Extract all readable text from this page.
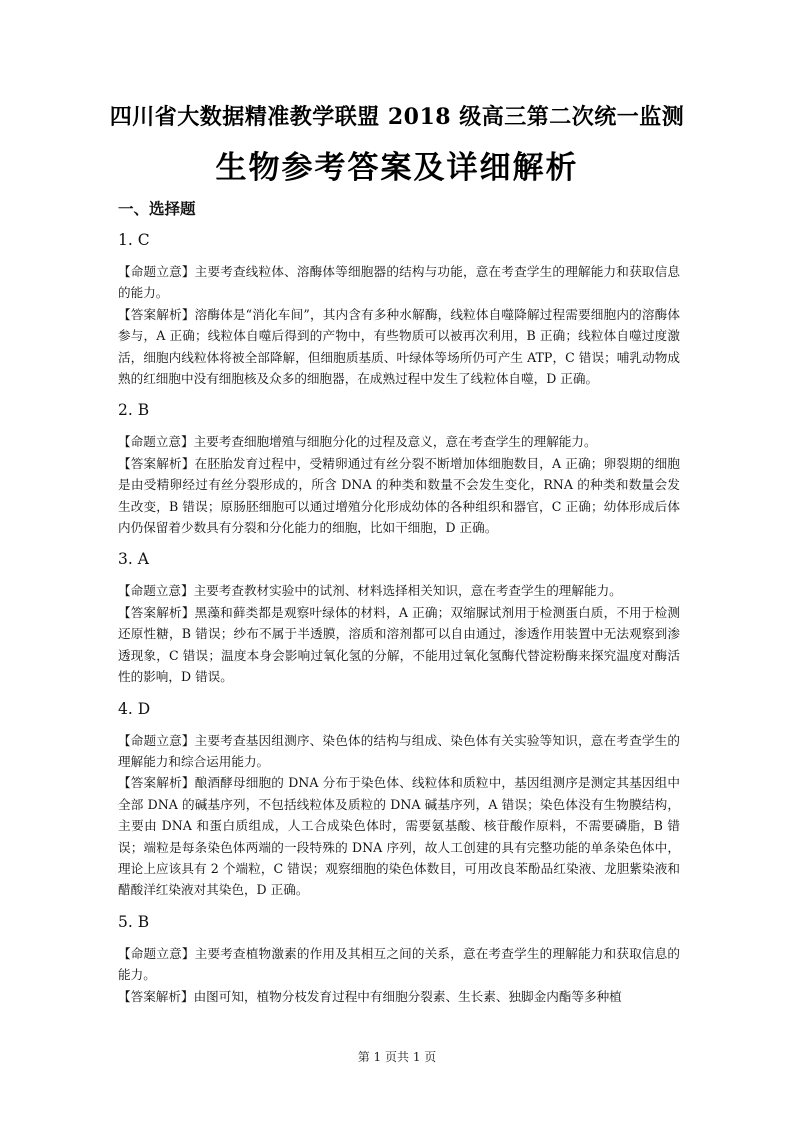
四川省大数据精准教学联盟 2018 级高三第二次统一监测
生物参考答案及详细解析
一、选择题
1. C

【命题立意】主要考查线粒体、溶酶体等细胞器的结构与功能，意在考查学生的理解能力和获取信息的能力。

【答案解析】溶酶体是“消化车间”，其内含有多种水解酶，线粒体自噬降解过程需要细胞内的溶酶体参与，A 正确；线粒体自噬后得到的产物中，有些物质可以被再次利用，B 正确；线粒体自噬过度激活，细胞内线粒体将被全部降解，但细胞质基质、叶绿体等场所仍可产生 ATP，C 错误；哺乳动物成熟的红细胞中没有细胞核及众多的细胞器，在成熟过程中发生了线粒体自噬，D 正确。

2. B

【命题立意】主要考查细胞增殖与细胞分化的过程及意义，意在考查学生的理解能力。

【答案解析】在胚胎发育过程中，受精卵通过有丝分裂不断增加体细胞数目，A 正确；卵裂期的细胞是由受精卵经过有丝分裂形成的，所含 DNA 的种类和数量不会发生变化，RNA 的种类和数量会发生改变，B 错误；原肠胚细胞可以通过增殖分化形成幼体的各种组织和器官，C 正确；幼体形成后体内仍保留着少数具有分裂和分化能力的细胞，比如干细胞，D 正确。

3. A

【命题立意】主要考查教材实验中的试剂、材料选择相关知识，意在考查学生的理解能力。

【答案解析】黑藻和藓类都是观察叶绿体的材料，A 正确；双缩脲试剂用于检测蛋白质，不用于检测还原性糖，B 错误；纱布不属于半透膜，溶质和溶剂都可以自由通过，渗透作用装置中无法观察到渗透现象，C 错误；温度本身会影响过氧化氢的分解，不能用过氧化氢酶代替淀粉酶来探究温度对酶活性的影响，D 错误。

4. D

【命题立意】主要考查基因组测序、染色体的结构与组成、染色体有关实验等知识，意在考查学生的理解能力和综合运用能力。

【答案解析】酿酒酵母细胞的 DNA 分布于染色体、线粒体和质粒中，基因组测序是测定其基因组中全部 DNA 的碱基序列，不包括线粒体及质粒的 DNA 碱基序列，A 错误；染色体没有生物膜结构，主要由 DNA 和蛋白质组成，人工合成染色体时，需要氨基酸、核苷酸作原料，不需要磷脂，B 错误；端粒是每条染色体两端的一段特殊的 DNA 序列，故人工创建的具有完整功能的单条染色体中，理论上应该具有 2 个端粒，C 错误；观察细胞的染色体数目，可用改良苯酚品红染液、龙胆紫染液和醋酸洋红染液对其染色，D 正确。

5. B

【命题立意】主要考查植物激素的作用及其相互之间的关系，意在考查学生的理解能力和获取信息的能力。

【答案解析】由图可知，植物分枝发育过程中有细胞分裂素、生长素、独脚金内酯等多种植

第 1 页共 1 页
